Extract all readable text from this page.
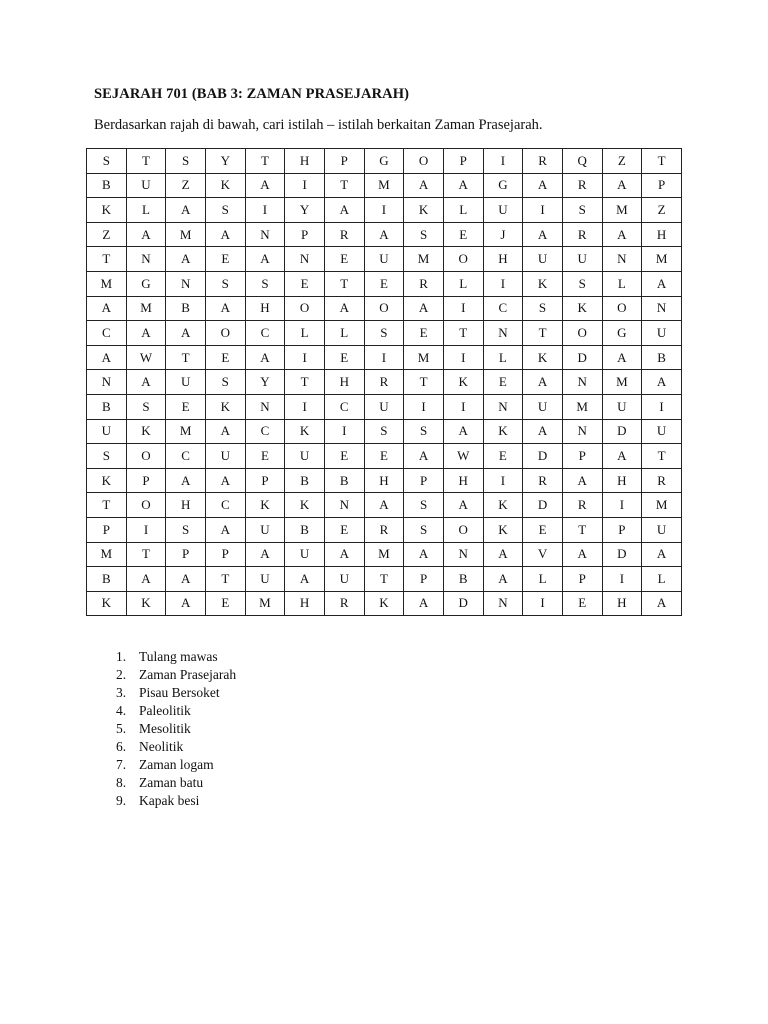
SEJARAH 701 (BAB 3: ZAMAN PRASEJARAH)
Berdasarkan rajah di bawah, cari istilah – istilah berkaitan Zaman Prasejarah.
S	T	S	Y	T	H	P	G	O	P	I	R	Q	Z	T
B	U	Z	K	A	I	T	M	A	A	G	A	R	A	P
K	L	A	S	I	Y	A	I	K	L	U	I	S	M	Z
Z	A	M	A	N	P	R	A	S	E	J	A	R	A	H
T	N	A	E	A	N	E	U	M	O	H	U	U	N	M
M	G	N	S	S	E	T	E	R	L	I	K	S	L	A
A	M	B	A	H	O	A	O	A	I	C	S	K	O	N
C	A	A	O	C	L	L	S	E	T	N	T	O	G	U
A	W	T	E	A	I	E	I	M	I	L	K	D	A	B
N	A	U	S	Y	T	H	R	T	K	E	A	N	M	A
B	S	E	K	N	I	C	U	I	I	N	U	M	U	I
U	K	M	A	C	K	I	S	S	A	K	A	N	D	U
S	O	C	U	E	U	E	E	A	W	E	D	P	A	T
K	P	A	A	P	B	B	H	P	H	I	R	A	H	R
T	O	H	C	K	K	N	A	S	A	K	D	R	I	M
P	I	S	A	U	B	E	R	S	O	K	E	T	P	U
M	T	P	P	A	U	A	M	A	N	A	V	A	D	A
B	A	A	T	U	A	U	T	P	B	A	L	P	I	L
K	K	A	E	M	H	R	K	A	D	N	I	E	H	A
1. Tulang mawas
2. Zaman Prasejarah
3. Pisau Bersoket
4. Paleolitik
5. Mesolitik
6. Neolitik
7. Zaman logam
8. Zaman batu
9. Kapak besi
